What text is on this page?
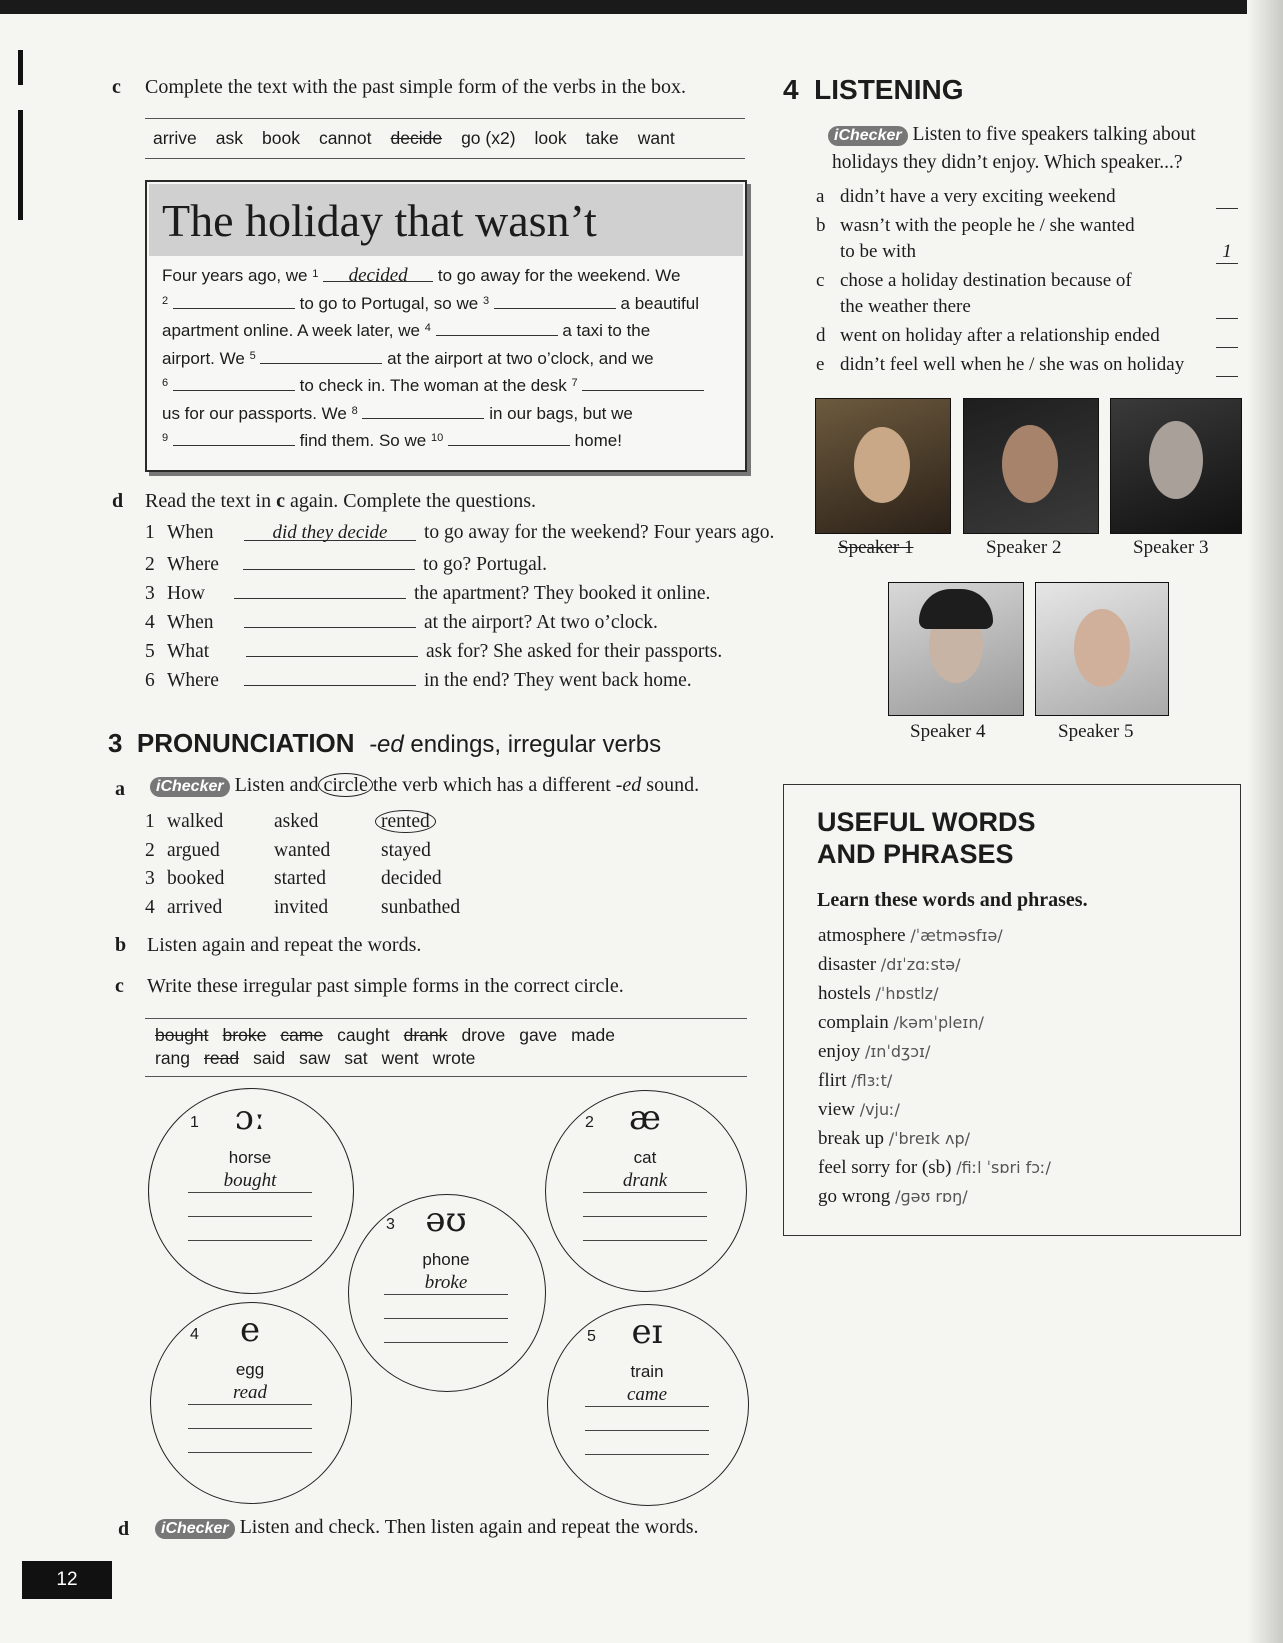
c Complete the text with the past simple form of the verbs in the box.
arrive ask book cannot decide go (x2) look take want
The holiday that wasn’t
Four years ago, we $^1$ decided to go away for the weekend. We
$^2$	to go to Portugal, so we $^3$	a beautiful
apartment online. A week later, we $^4$	a taxi to the
airport. We $^5$	at the airport at two o’clock, and we
$^6$	to check in. The woman at the desk $^7$
us for our passports. We $^8$	in our bags, but we
$^9$	find them. So we $^{10}$	home!
d Read the text in c again. Complete the questions.
1 When	did they decide to go away for the weekend? Four years ago.
2 Where	to go? Portugal.
3 How	the apartment? They booked it online.
4 When	at the airport? At two o’clock.
5 What	ask for? She asked for their passports.
6 Where	in the end? They went back home.
3 PRONUNCIATION -ed endings, irregular verbs
a	iChecker Listen and circle the verb which has a different -ed sound.
1 walked	asked	rented
2 argued	wanted	stayed
3 booked	started	decided
4 arrived	invited	sunbathed
b Listen again and repeat the words.
c Write these irregular past simple forms in the correct circle.
bought broke came caught drank drove gave made
rang read said saw sat went wrote
1	ɔː
horse
bought
2	æ
cat
drank
3 əʊ
phone
broke
4	e
egg
read
5	eɪ
train
came
d	iChecker Listen and check. Then listen again and repeat the words.
12
4 LISTENING
iChecker Listen to five speakers talking about
holidays they didn’t enjoy. Which speaker...?
a didn’t have a very exciting weekend
b wasn’t with the people he / she wanted
to be with	1
c chose a holiday destination because of
the weather there
d went on holiday after a relationship ended
e didn’t feel well when he / she was on holiday
Speaker 1	Speaker 2	Speaker 3
Speaker 4	Speaker 5
USEFUL WORDS
AND PHRASES
Learn these words and phrases.
atmosphere /ˈætməsfɪə/
disaster /dɪˈzɑːstə/
hostels /ˈhɒstlz/
complain /kəmˈpleɪn/
enjoy /ɪnˈdʒɔɪ/
flirt /flɜːt/
view /vjuː/
break up /ˈbreɪk ʌp/
feel sorry for (sb) /fiːl ˈsɒri fɔː/
go wrong /ɡəʊ rɒŋ/
